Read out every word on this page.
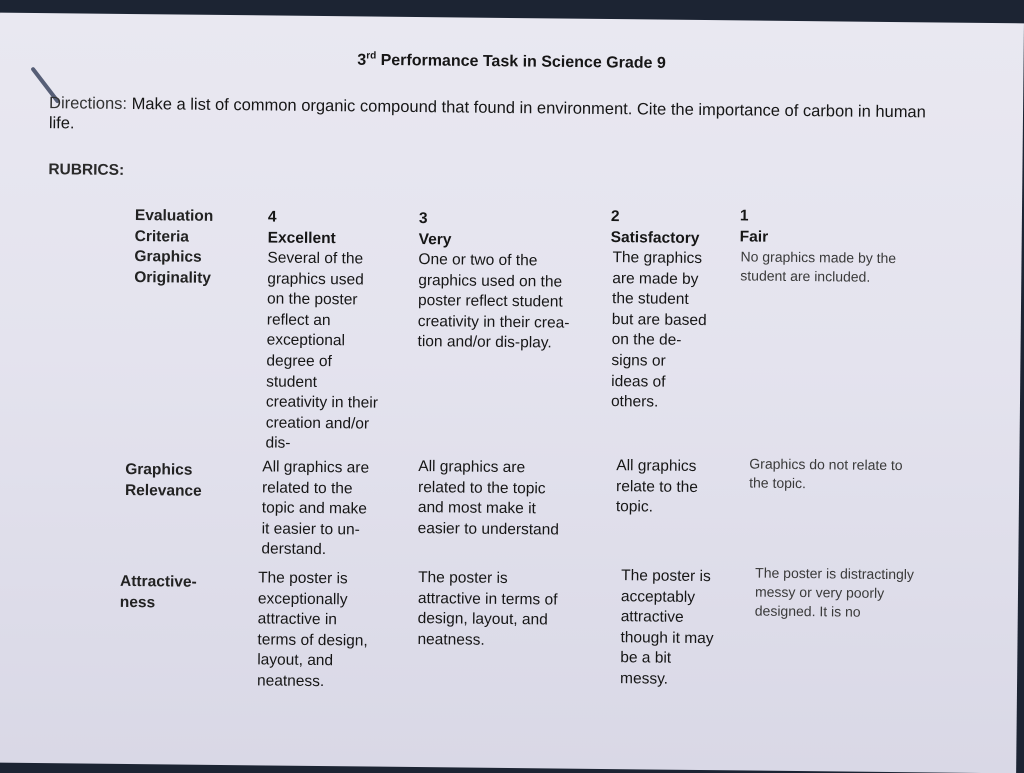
3rd Performance Task in Science Grade 9
Directions: Make a list of common organic compound that found in environment. Cite the importance of carbon in human life.
RUBRICS:
Evaluation
Criteria
4
Excellent
3
Very
2
Satisfactory
1
Fair
Graphics
Originality
Several of the
graphics used
on the poster
reflect an
exceptional
degree of
student
creativity in their
creation and/or
dis-
One or two of the
graphics used on the
poster reflect student
creativity in their crea-
tion and/or dis-play.
The graphics
are made by
the student
but are based
on the de-
signs or
ideas of
others.
No graphics made by the
student are included.
Graphics
Relevance
All graphics are
related to the
topic and make
it easier to un-
derstand.
All graphics are
related to the topic
and most make it
easier to understand
All graphics
relate to the
topic.
Graphics do not relate to
the topic.
Attractive-
ness
The poster is
exceptionally
attractive in
terms of design,
layout, and
neatness.
The poster is
attractive in terms of
design, layout, and
neatness.
The poster is
acceptably
attractive
though it may
be a bit
messy.
The poster is distractingly
messy or very poorly
designed. It is no
